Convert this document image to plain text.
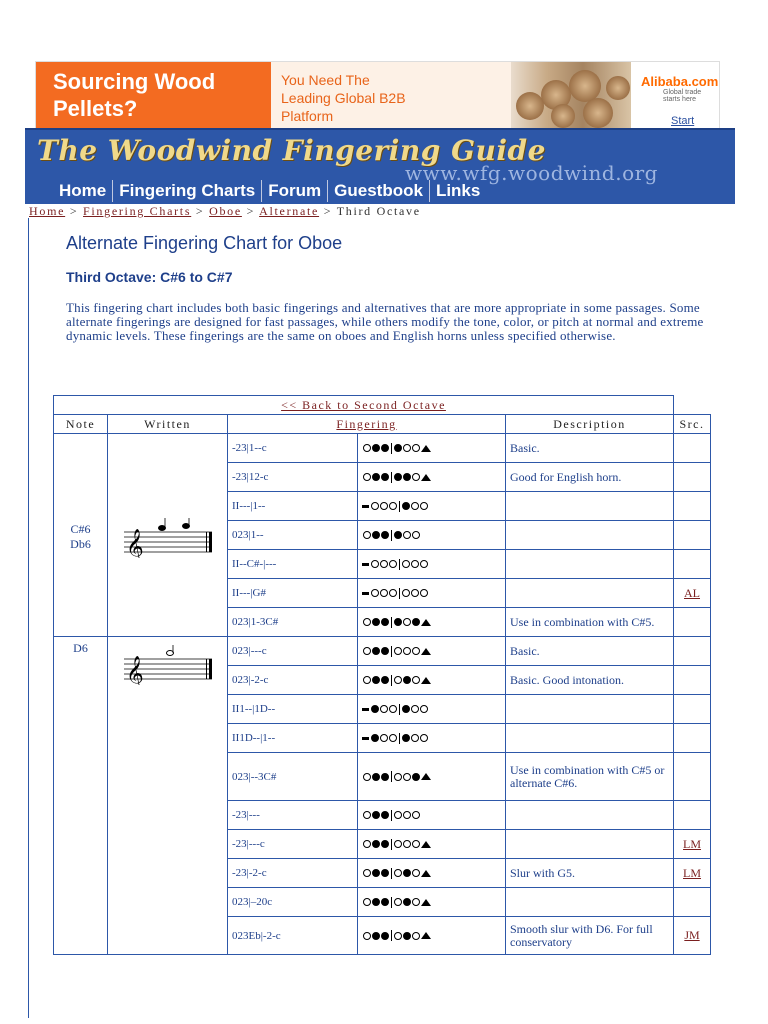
Sourcing Wood Pellets?
You Need The Leading Global B2B Platform
Alibaba.com
Global trade starts here
Start
The Woodwind Fingering Guide
www.wfg.woodwind.org
Home Fingering Charts Forum Guestbook Links
Home > Fingering Charts > Oboe > Alternate > Third Octave
Alternate Fingering Chart for Oboe
Third Octave: C#6 to C#7
This fingering chart includes both basic fingerings and alternatives that are more appropriate in some passages. Some alternate fingerings are designed for fast passages, while others modify the tone, color, or pitch at normal and extreme dynamic levels. These fingerings are the same on oboes and English horns unless specified otherwise.
<< Back to Second Octave					
Note	Written	Fingering		Description	Src.

C#6
Db6	𝄞	-23|1--c		Basic.	
		-23|12-c		Good for English horn.	
		II---|1--	

		023|1--	

		II--C#-|---	

		II---|G#			AL
		023|1-3C#		Use in combination with C#5.	

D6	𝄞	023|---c		Basic.	
		023|-2-c		Basic. Good intonation.	
		II1--|1D--	

		II1D--|1--	

		023|--3C#		Use in combination with C#5 or alternate C#6.	
		-23|---	

		-23|---c			LM
		-23|-2-c		Slur with G5.	LM
		023|–20c	

		023Eb|-2-c		Smooth slur with D6. For full conservatory	JM
